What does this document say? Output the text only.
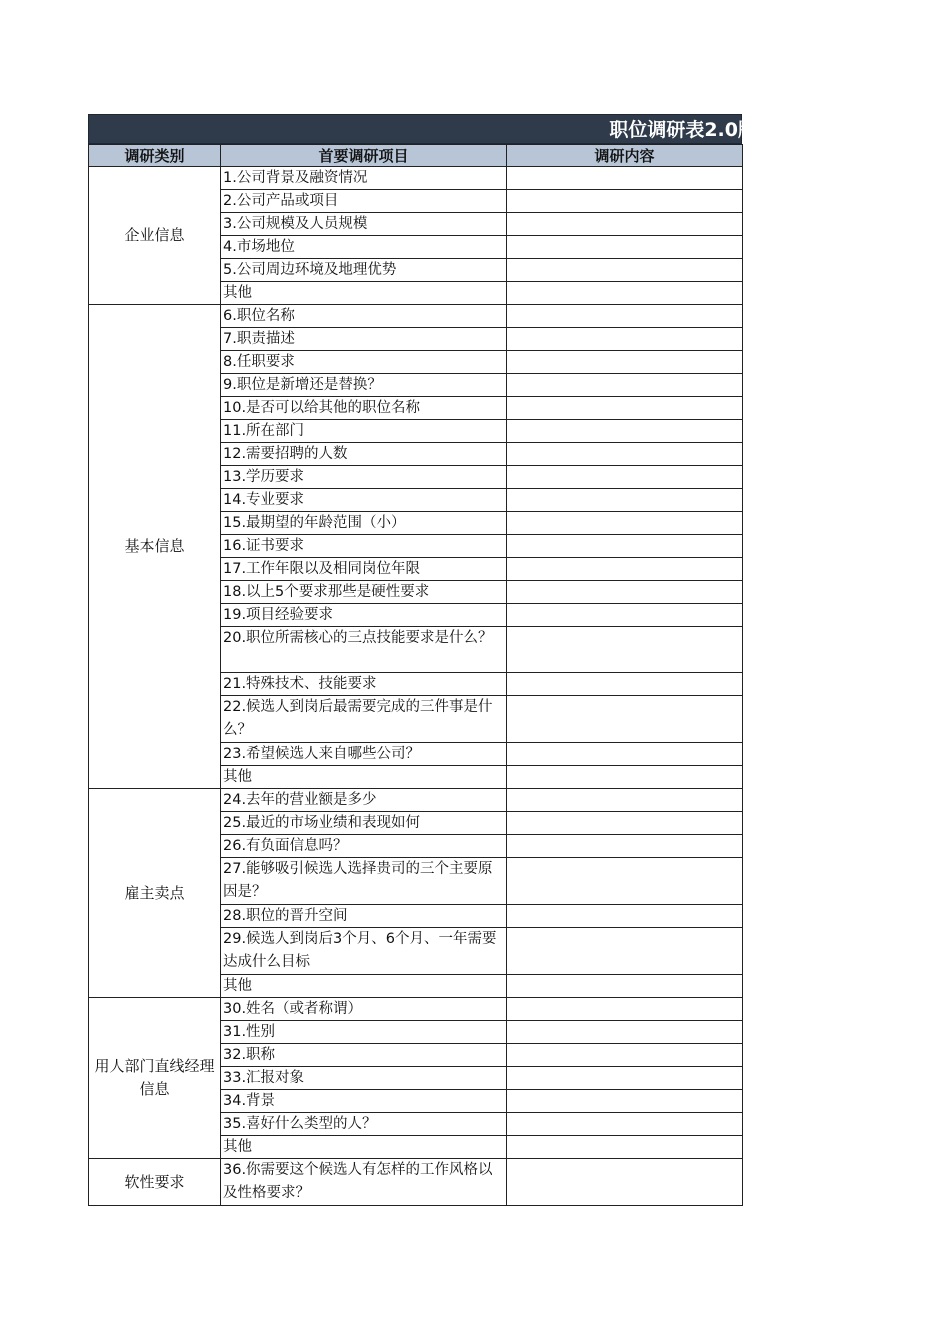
职位调研表2.0版
调研类别	首要调研项目	调研内容
企业信息	1.公司背景及融资情况	
	2.公司产品或项目	
	3.公司规模及人员规模	
	4.市场地位	
	5.公司周边环境及地理优势	
	其他	
基本信息	6.职位名称	
	7.职责描述	
	8.任职要求	
	9.职位是新增还是替换？	
	10.是否可以给其他的职位名称	
	11.所在部门	
	12.需要招聘的人数	
	13.学历要求	
	14.专业要求	
	15.最期望的年龄范围（小）	
	16.证书要求	
	17.工作年限以及相同岗位年限	
	18.以上5个要求那些是硬性要求	
	19.项目经验要求	
	20.职位所需核心的三点技能要求是什么？	
	21.特殊技术、技能要求	
	22.候选人到岗后最需要完成的三件事是什么？	
	23.希望候选人来自哪些公司？	
	其他	
雇主卖点	24.去年的营业额是多少	
	25.最近的市场业绩和表现如何	
	26.有负面信息吗？	
	27.能够吸引候选人选择贵司的三个主要原因是？	
	28.职位的晋升空间	
	29.候选人到岗后3个月、6个月、一年需要达成什么目标	
	其他	
用人部门直线经理信息	30.姓名（或者称谓）	
	31.性别	
	32.职称	
	33.汇报对象	
	34.背景	
	35.喜好什么类型的人？	
	其他	
软性要求	36.你需要这个候选人有怎样的工作风格以及性格要求？	
